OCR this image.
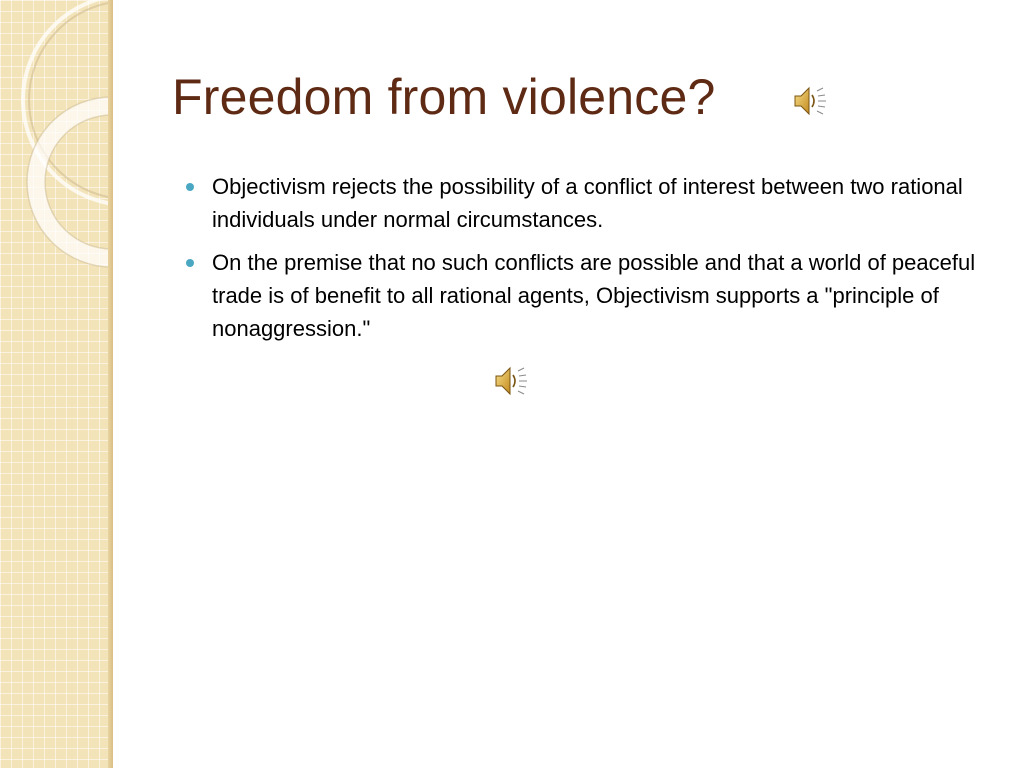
Freedom from violence?
Objectivism rejects the possibility of a conflict of interest between two rational individuals under normal circumstances.
On the premise that no such conflicts are possible and that a world of peaceful trade is of benefit to all rational agents, Objectivism supports a "principle of nonaggression."
